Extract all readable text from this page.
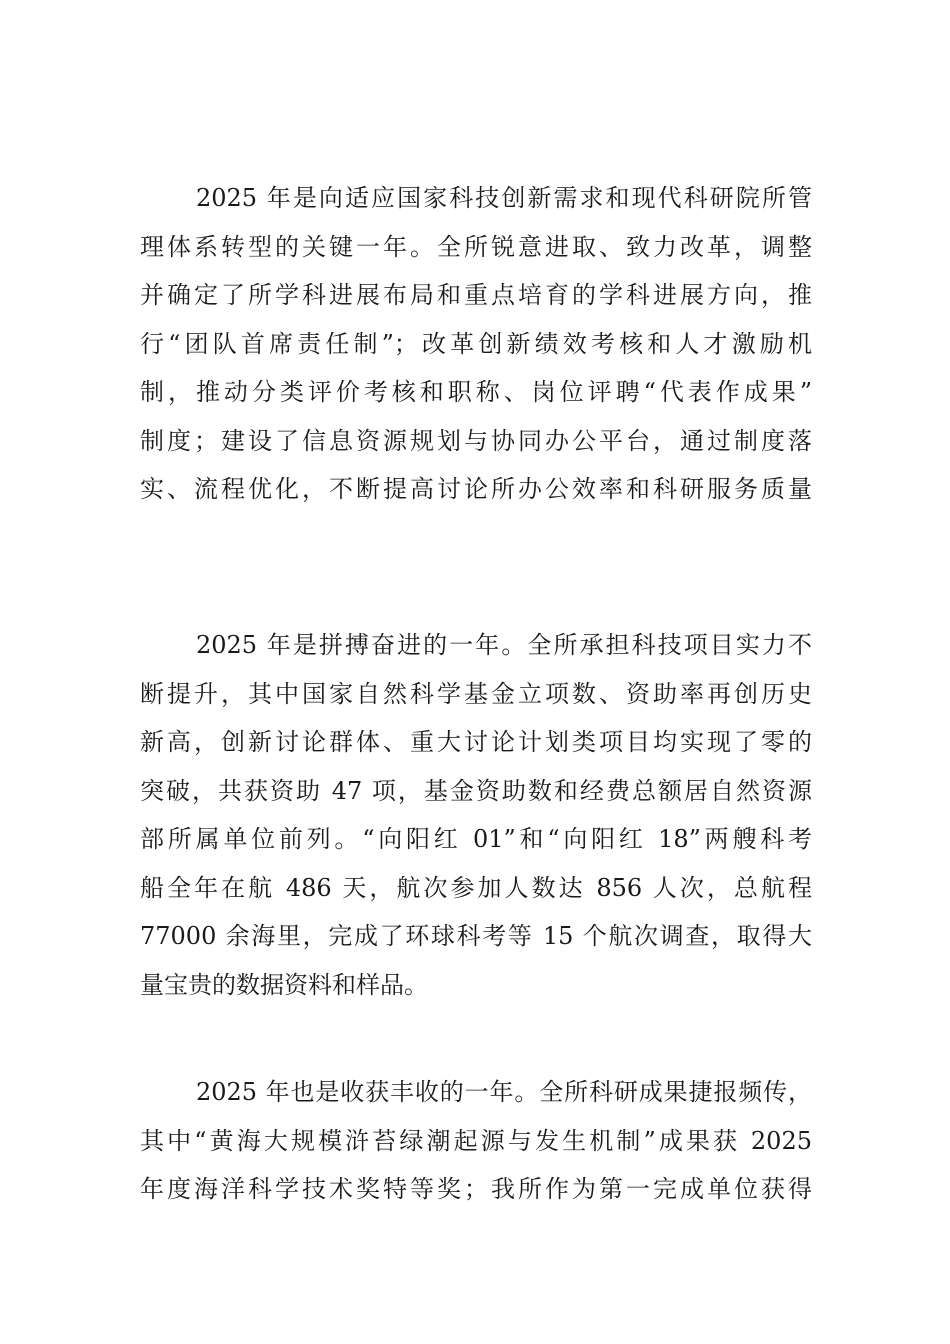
2025 年是向适应国家科技创新需求和现代科研院所管
理体系转型的关键一年。全所锐意进取、致力改革，调整
并确定了所学科进展布局和重点培育的学科进展方向，推
行“团队首席责任制”；改革创新绩效考核和人才激励机
制，推动分类评价考核和职称、岗位评聘“代表作成果”
制度；建设了信息资源规划与协同办公平台，通过制度落
实、流程优化，不断提高讨论所办公效率和科研服务质量
2025 年是拼搏奋进的一年。全所承担科技项目实力不
断提升，其中国家自然科学基金立项数、资助率再创历史
新高，创新讨论群体、重大讨论计划类项目均实现了零的
突破，共获资助 47 项，基金资助数和经费总额居自然资源
部所属单位前列。“向阳红 01”和“向阳红 18”两艘科考
船全年在航 486 天，航次参加人数达 856 人次，总航程
77000 余海里，完成了环球科考等 15 个航次调查，取得大
量宝贵的数据资料和样品。
2025 年也是收获丰收的一年。全所科研成果捷报频传，
其中“黄海大规模浒苔绿潮起源与发生机制”成果获 2025
年度海洋科学技术奖特等奖；我所作为第一完成单位获得
